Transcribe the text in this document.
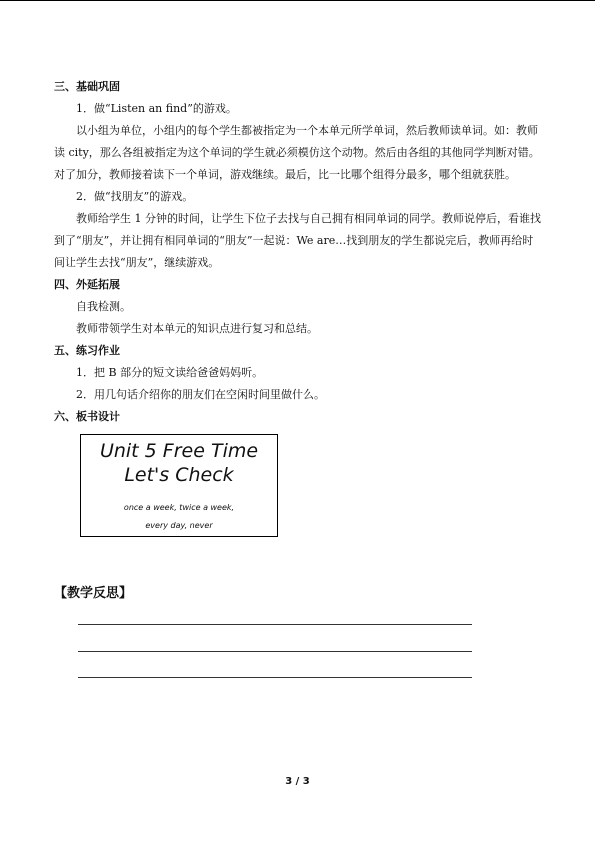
三、基础巩固
1．做“Listen an find”的游戏。
以小组为单位，小组内的每个学生都被指定为一个本单元所学单词，然后教师读单词。如：教师读 city，那么各组被指定为这个单词的学生就必须模仿这个动物。然后由各组的其他同学判断对错。对了加分，教师接着读下一个单词，游戏继续。最后，比一比哪个组得分最多，哪个组就获胜。
2．做“找朋友”的游戏。
教师给学生 1 分钟的时间，让学生下位子去找与自己拥有相同单词的同学。教师说停后，看谁找到了“朋友”，并让拥有相同单词的“朋友”一起说：We are…找到朋友的学生都说完后，教师再给时间让学生去找“朋友”，继续游戏。
四、外延拓展
自我检测。
教师带领学生对本单元的知识点进行复习和总结。
五、练习作业
1．把 B 部分的短文读给爸爸妈妈听。
2．用几句话介绍你的朋友们在空闲时间里做什么。
六、板书设计
Unit 5 Free Time
Let's Check
once a week, twice a week,
every day, never
【教学反思】
3 / 3
